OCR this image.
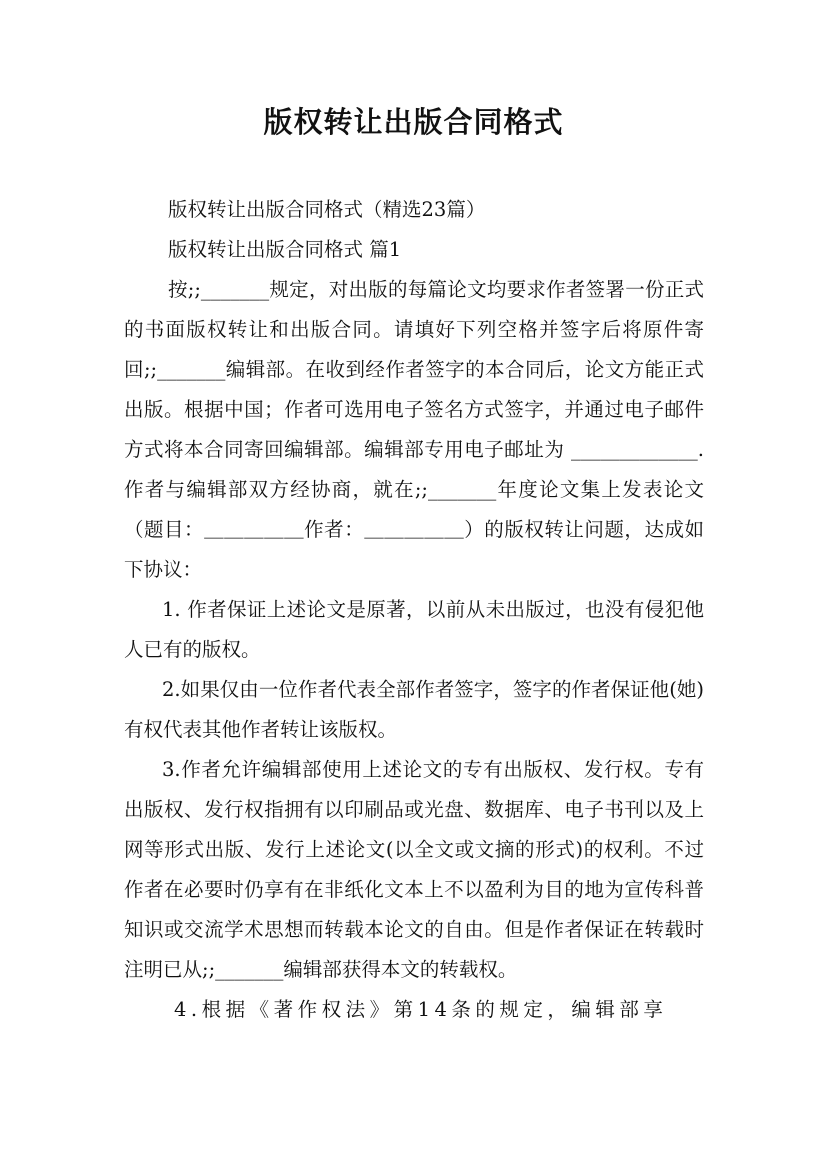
版权转让出版合同格式

版权转让出版合同格式（精选23篇）

版权转让出版合同格式 篇1

按;;_______规定，对出版的每篇论文均要求作者签署一份正式的书面版权转让和出版合同。请填好下列空格并签字后将原件寄回;;_______编辑部。在收到经作者签字的本合同后，论文方能正式出版。根据中国；作者可选用电子签名方式签字，并通过电子邮件方式将本合同寄回编辑部。编辑部专用电子邮址为 _____________.作者与编辑部双方经协商，就在;;_______年度论文集上发表论文（题目：＿＿＿＿＿作者：＿＿＿＿＿）的版权转让问题，达成如下协议：

1. 作者保证上述论文是原著，以前从未出版过，也没有侵犯他人已有的版权。

2.如果仅由一位作者代表全部作者签字，签字的作者保证他(她)有权代表其他作者转让该版权。

3.作者允许编辑部使用上述论文的专有出版权、发行权。专有出版权、发行权指拥有以印刷品或光盘、数据库、电子书刊以及上网等形式出版、发行上述论文(以全文或文摘的形式)的权利。不过作者在必要时仍享有在非纸化文本上不以盈利为目的地为宣传科普知识或交流学术思想而转载本论文的自由。但是作者保证在转载时注明已从;;_______编辑部获得本文的转载权。

4.根据《著作权法》第14条的规定，编辑部享
